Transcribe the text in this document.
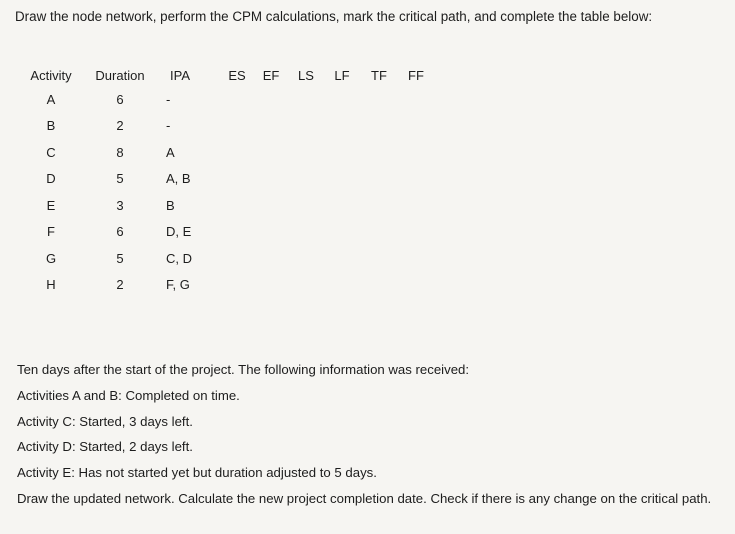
Draw the node network, perform the CPM calculations, mark the critical path, and complete the table below:
Activity	Duration	IPA	ES	EF	LS	LF	TF	FF
A	6	-						
B	2	-						
C	8	A						
D	5	A, B						
E	3	B						
F	6	D, E						
G	5	C, D						
H	2	F, G						
Ten days after the start of the project. The following information was received:
Activities A and B: Completed on time.
Activity C: Started, 3 days left.
Activity D: Started, 2 days left.
Activity E: Has not started yet but duration adjusted to 5 days.
Draw the updated network. Calculate the new project completion date. Check if there is any change on the critical path.
